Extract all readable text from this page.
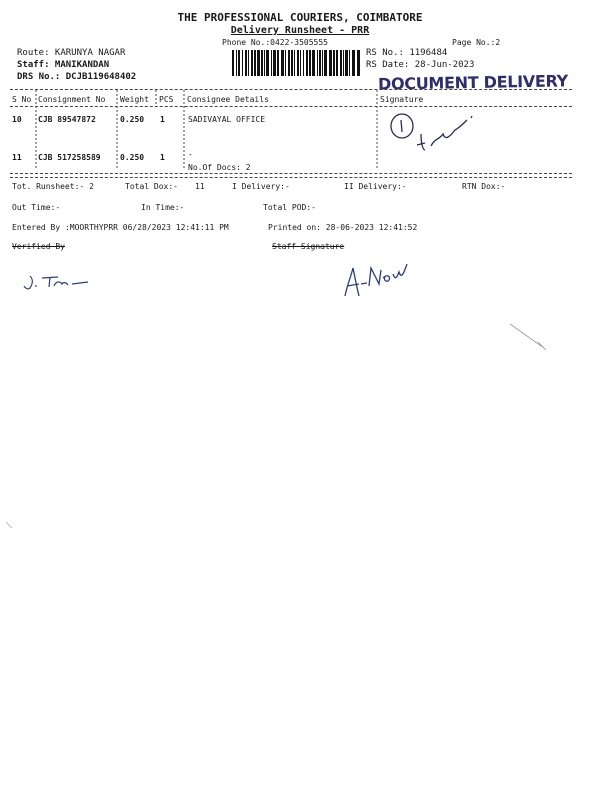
THE PROFESSIONAL COURIERS, COIMBATORE
Delivery Runsheet - PRR
Phone No.:0422-3505555	Page No.:2
Route: KARUNYA NAGAR
Staff: MANIKANDAN
DRS No.: DCJB119648402
RS No.: 1196484
RS Date: 28-Jun-2023
DOCUMENT DELIVERY
S No Consignment No Weight PCS Consignee Details	Signature
10 CJB 89547872	0.250 1	SADIVAYAL OFFICE
11 CJB 517258589 0.250 1	-
No.Of Docs: 2
Tot. Runsheet:- 2	Total Dox:- 11	I Delivery:-	II Delivery:-	RTN Dox:-
Out Time:-	In Time:-	Total POD:-
Entered By :MOORTHYPRR 06/28/2023 12:41:11 PM	Printed on: 28-06-2023 12:41:52
Verified By	Staff Signature
